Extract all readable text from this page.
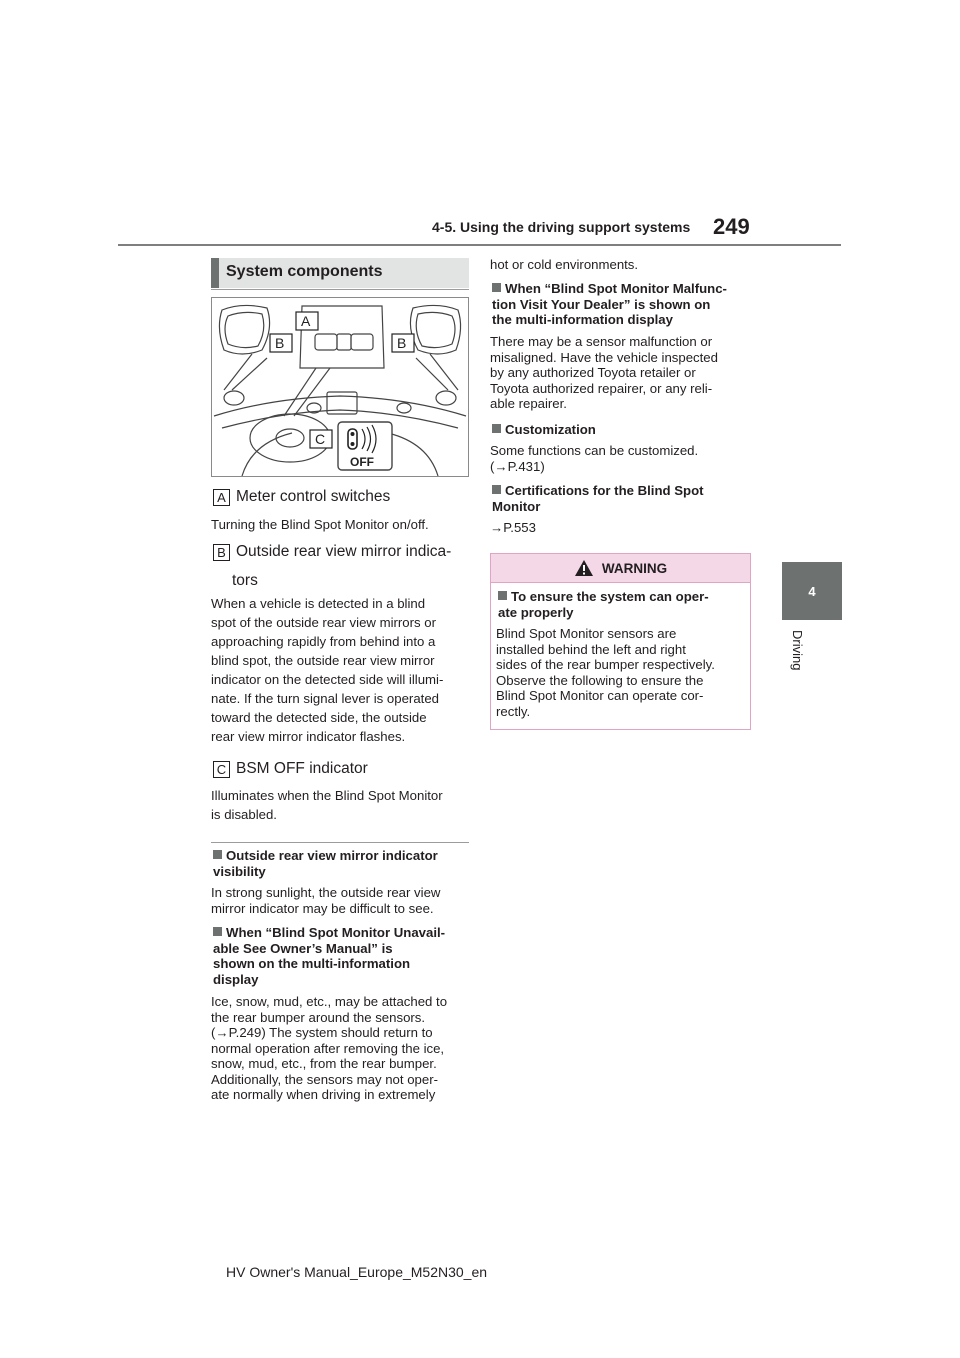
4-5. Using the driving support systems 249
4
Driving
System components
OFF
A
B	B
C
A Meter control switches
Turning the Blind Spot Monitor on/off.
B Outside rear view mirror indica-
tors
When a vehicle is detected in a blind
spot of the outside rear view mirrors or
approaching rapidly from behind into a
blind spot, the outside rear view mirror
indicator on the detected side will illumi-
nate. If the turn signal lever is operated
toward the detected side, the outside
rear view mirror indicator flashes.
C BSM OFF indicator
Illuminates when the Blind Spot Monitor
is disabled.
Outside rear view mirror indicator
visibility
In strong sunlight, the outside rear view
mirror indicator may be difficult to see.
When “Blind Spot Monitor Unavail-
able See Owner’s Manual” is
shown on the multi-information
display
Ice, snow, mud, etc., may be attached to
the rear bumper around the sensors.
(→P.249) The system should return to
normal operation after removing the ice,
snow, mud, etc., from the rear bumper.
Additionally, the sensors may not oper-
ate normally when driving in extremely
hot or cold environments.
When “Blind Spot Monitor Malfunc-
tion Visit Your Dealer” is shown on
the multi-information display
There may be a sensor malfunction or
misaligned. Have the vehicle inspected
by any authorized Toyota retailer or
Toyota authorized repairer, or any reli-
able repairer.
Customization
Some functions can be customized.
(→P.431)
Certifications for the Blind Spot
Monitor
→P.553
WARNING
To ensure the system can oper-
ate properly
Blind Spot Monitor sensors are
installed behind the left and right
sides of the rear bumper respectively.
Observe the following to ensure the
Blind Spot Monitor can operate cor-
rectly.
HV Owner's Manual_Europe_M52N30_en
